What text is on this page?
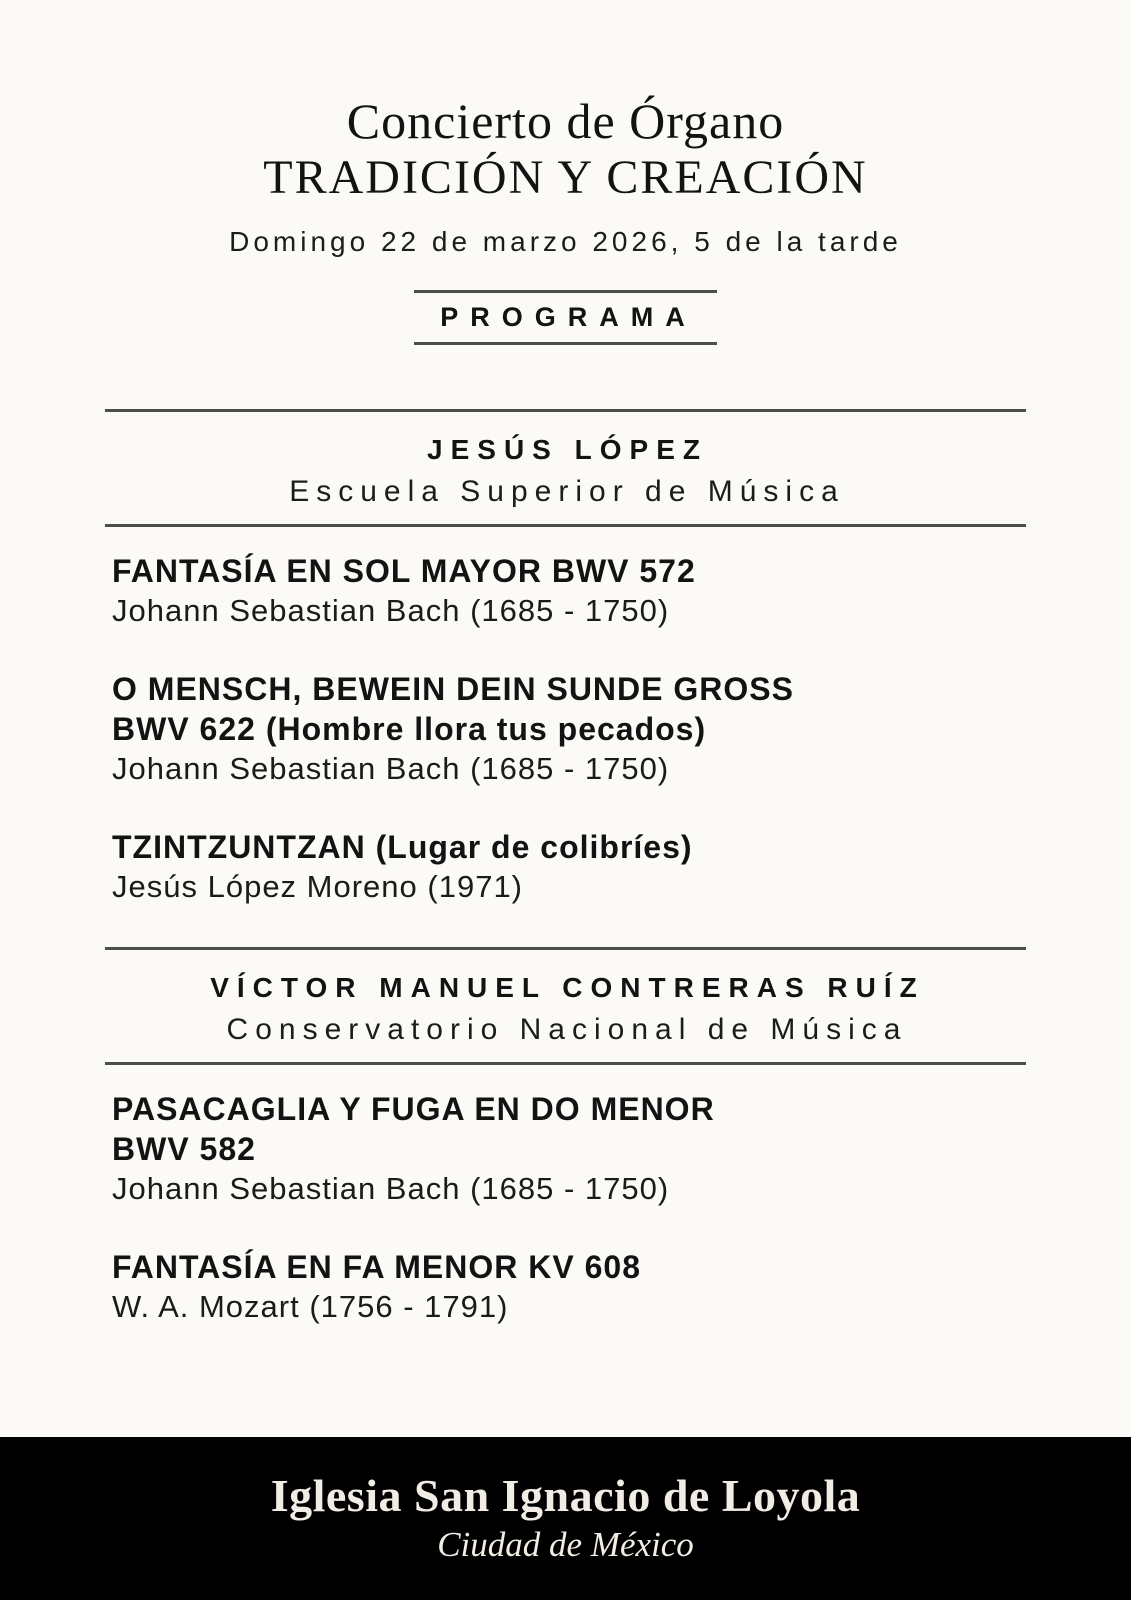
Concierto de Órgano
TRADICIÓN Y CREACIÓN
Domingo 22 de marzo 2026, 5 de la tarde
PROGRAMA
JESÚS LÓPEZ
Escuela Superior de Música
FANTASÍA EN SOL MAYOR BWV 572
Johann Sebastian Bach (1685 - 1750)
O MENSCH, BEWEIN DEIN SUNDE GROSS
BWV 622 (Hombre llora tus pecados)
Johann Sebastian Bach (1685 - 1750)
TZINTZUNTZAN (Lugar de colibríes)
Jesús López Moreno (1971)
VÍCTOR MANUEL CONTRERAS RUÍZ
Conservatorio Nacional de Música
PASACAGLIA Y FUGA EN DO MENOR
BWV 582
Johann Sebastian Bach (1685 - 1750)
FANTASÍA EN FA MENOR KV 608
W. A. Mozart (1756 - 1791)
Iglesia San Ignacio de Loyola
Ciudad de México
